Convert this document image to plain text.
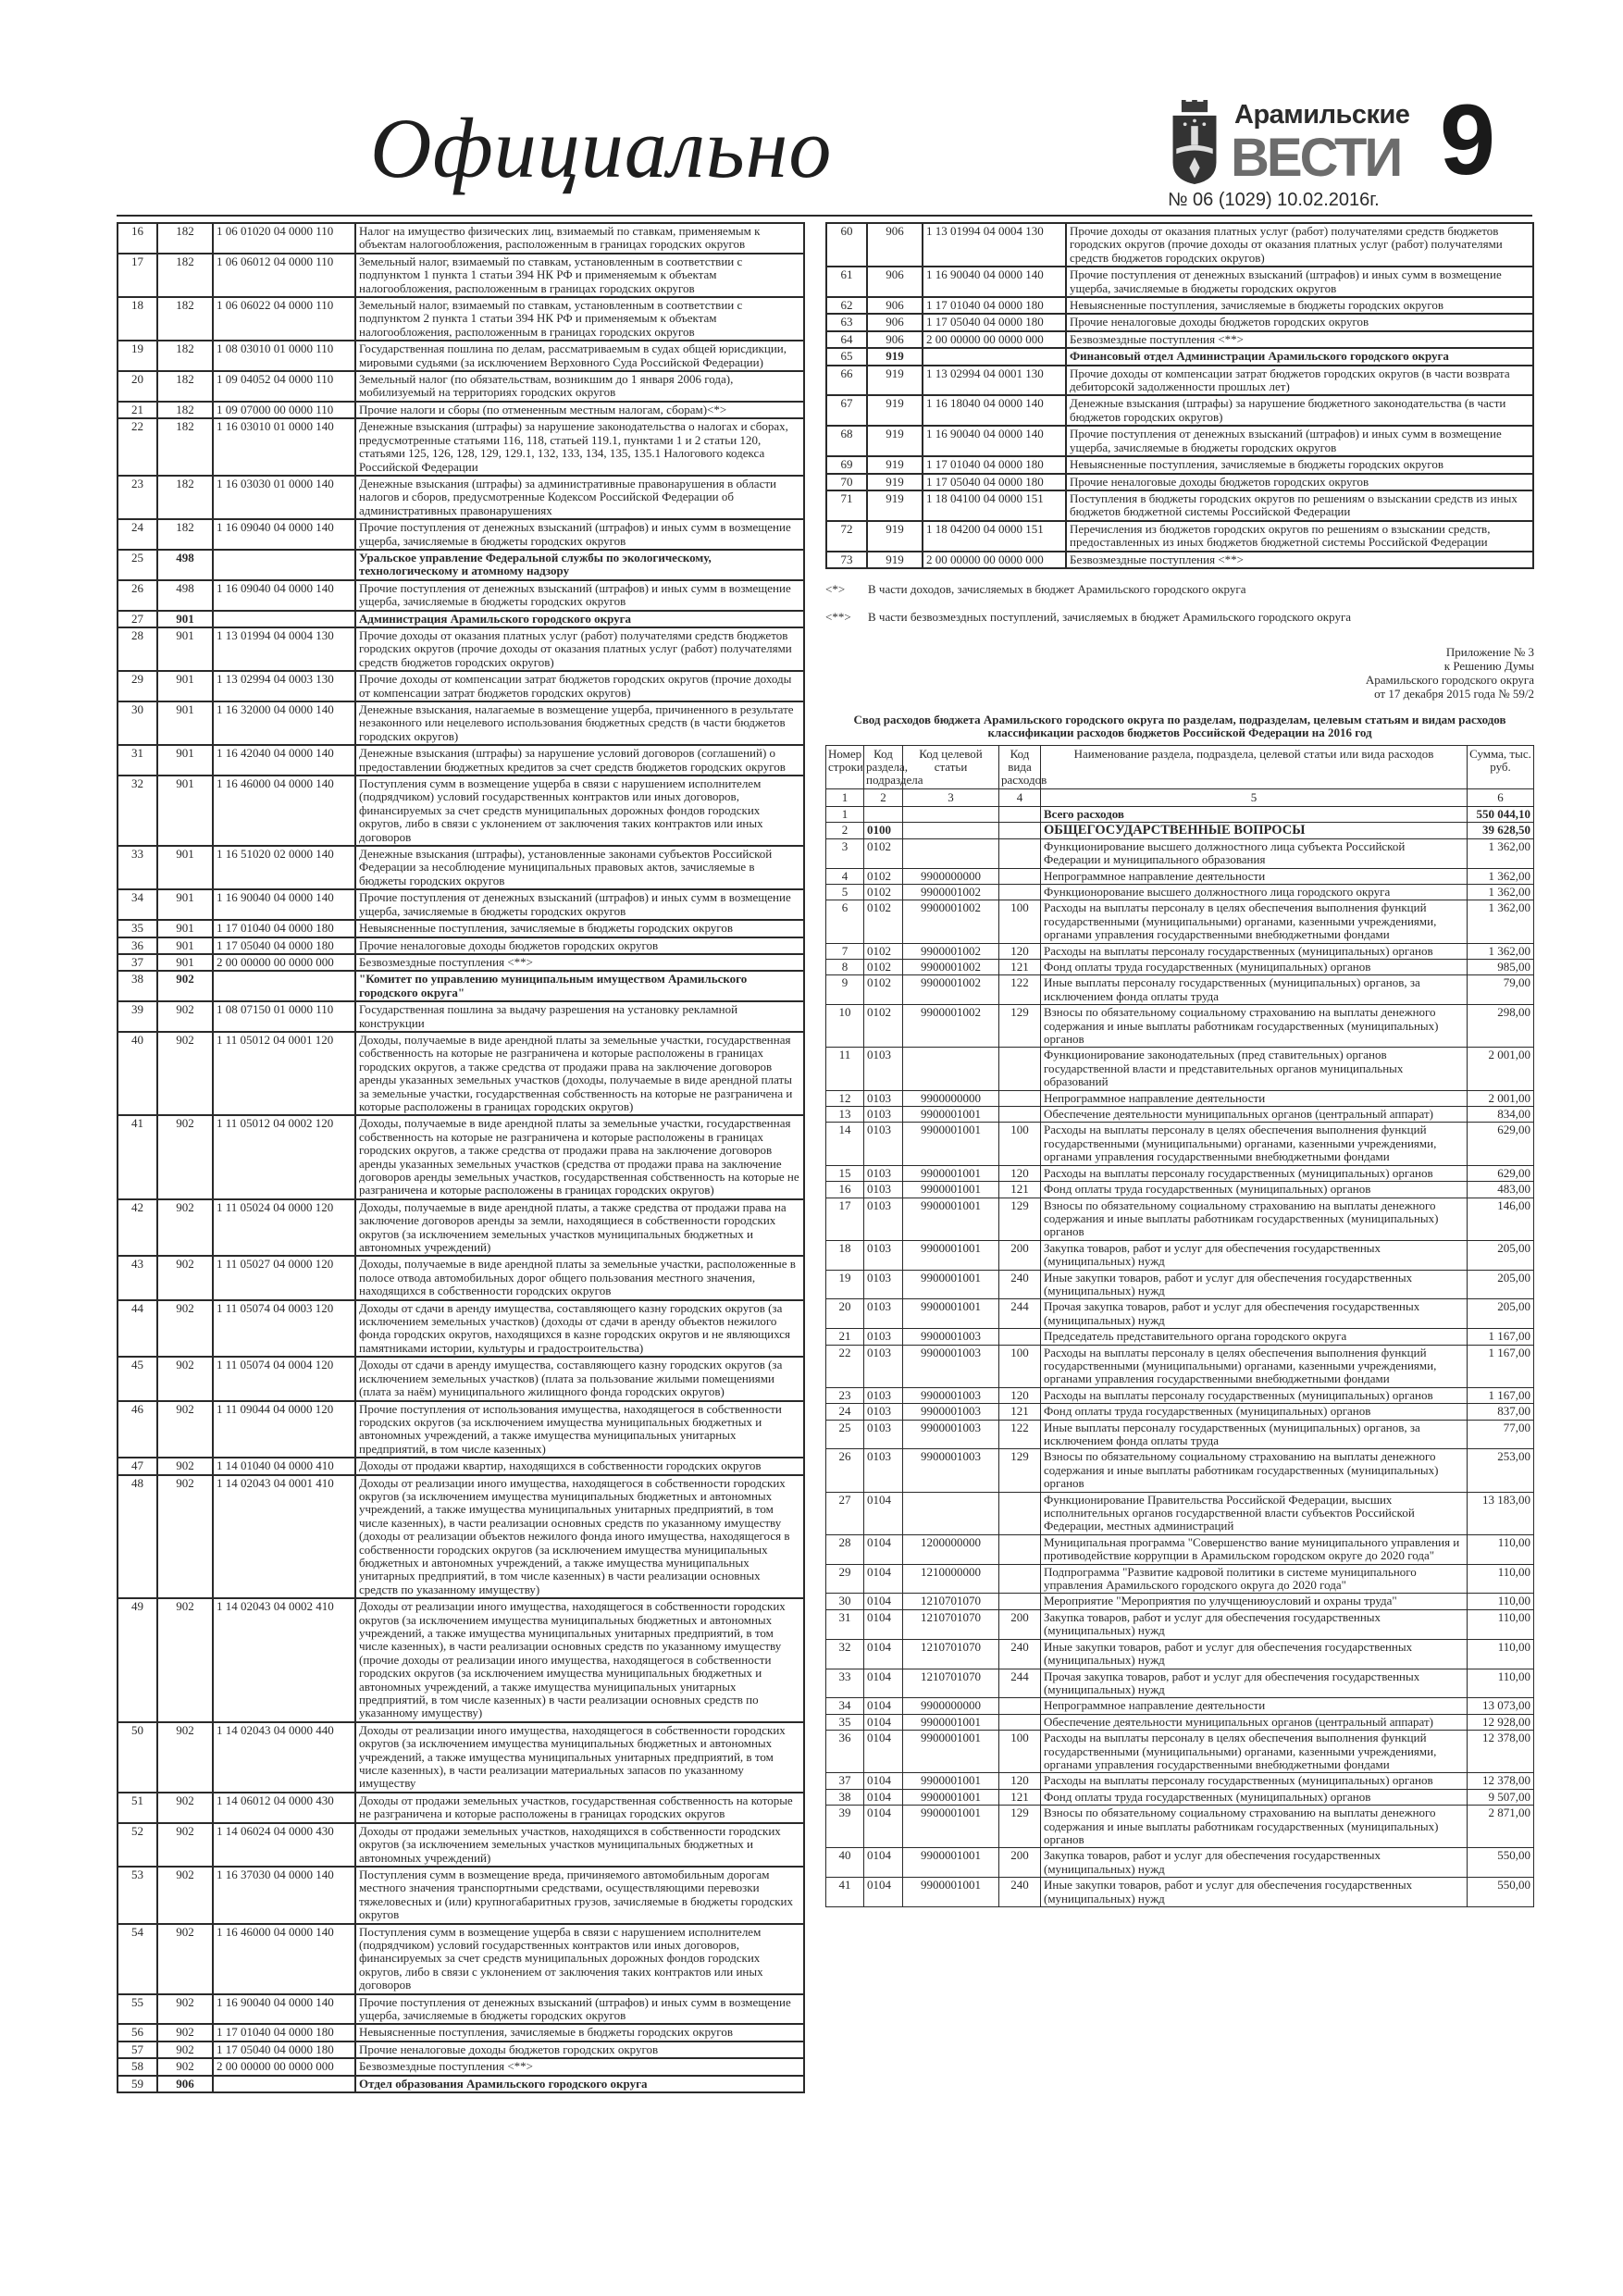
Официально	Арамильские
ВЕСТИ 9
№ 06 (1029) 10.02.2016г.
16	182	1 06 01020 04 0000 110	Налог на имущество физических лиц, взимаемый по ставкам, применяемым к объектам налогообложения, расположенным в границах городских округов
17	182	1 06 06012 04 0000 110	Земельный налог, взимаемый по ставкам, установленным в соответствии с подпунктом 1 пункта 1 статьи 394 НК РФ и применяемым к объектам налогообложения, расположенным в границах городских округов
18	182	1 06 06022 04 0000 110	Земельный налог, взимаемый по ставкам, установленным в соответствии с подпунктом 2 пункта 1 статьи 394 НК РФ и применяемым к объектам налогообложения, расположенным в границах городских округов
19	182	1 08 03010 01 0000 110	Государственная пошлина по делам, рассматриваемым в судах общей юрисдикции, мировыми судьями (за исключением Верховного Суда Российской Федерации)
20	182	1 09 04052 04 0000 110	Земельный налог (по обязательствам, возникшим до 1 января 2006 года), мобилизуемый на территориях городских округов
21	182	1 09 07000 00 0000 110	Прочие налоги и сборы (по отмененным местным налогам, сборам)<*>
22	182	1 16 03010 01 0000 140	Денежные взыскания (штрафы) за нарушение законодательства о налогах и сборах, предусмотренные статьями 116, 118, статьей 119.1, пунктами 1 и 2 статьи 120, статьями 125, 126, 128, 129, 129.1, 132, 133, 134, 135, 135.1 Налогового кодекса Российской Федерации
23	182	1 16 03030 01 0000 140	Денежные взыскания (штрафы) за административные правонарушения в области налогов и сборов, предусмотренные Кодексом Российской Федерации об административных правонарушениях
24	182	1 16 09040 04 0000 140	Прочие поступления от денежных взысканий (штрафов) и иных сумм в возмещение ущерба, зачисляемые в бюджеты городских округов
25	498		Уральское управление Федеральной службы по экологическому, технологическому и атомному надзору
26	498	1 16 09040 04 0000 140	Прочие поступления от денежных взысканий (штрафов) и иных сумм в возмещение ущерба, зачисляемые в бюджеты городских округов
27	901		Администрация Арамильского городского округа
28	901	1 13 01994 04 0004 130	Прочие доходы от оказания платных услуг (работ) получателями средств бюджетов городских округов (прочие доходы от оказания платных услуг (работ) получателями средств бюджетов городских округов)
29	901	1 13 02994 04 0003 130	Прочие доходы от компенсации затрат бюджетов городских округов (прочие доходы от компенсации затрат бюджетов городских округов)
30	901	1 16 32000 04 0000 140	Денежные взыскания, налагаемые в возмещение ущерба, причиненного в результате незаконного или нецелевого использования бюджетных средств (в части бюджетов городских округов)
31	901	1 16 42040 04 0000 140	Денежные взыскания (штрафы) за нарушение условий договоров (соглашений) о предоставлении бюджетных кредитов за счет средств бюджетов городских округов
32	901	1 16 46000 04 0000 140	Поступления сумм в возмещение ущерба в связи с нарушением исполнителем (подрядчиком) условий государственных контрактов или иных договоров, финансируемых за счет средств муниципальных дорожных фондов городских округов, либо в связи с уклонением от заключения таких контрактов или иных договоров
33	901	1 16 51020 02 0000 140	Денежные взыскания (штрафы), установленные законами субъектов Российской Федерации за несоблюдение муниципальных правовых актов, зачисляемые в бюджеты городских округов
34	901	1 16 90040 04 0000 140	Прочие поступления от денежных взысканий (штрафов) и иных сумм в возмещение ущерба, зачисляемые в бюджеты городских округов
35	901	1 17 01040 04 0000 180	Невыясненные поступления, зачисляемые в бюджеты городских округов
36	901	1 17 05040 04 0000 180	Прочие неналоговые доходы бюджетов городских округов
37	901	2 00 00000 00 0000 000	Безвозмездные поступления <**>
38	902		"Комитет по управлению муниципальным имуществом Арамильского городского округа"
39	902	1 08 07150 01 0000 110	Государственная пошлина за выдачу разрешения на установку рекламной конструкции
40	902	1 11 05012 04 0001 120	Доходы, получаемые в виде арендной платы за земельные участки, государственная собственность на которые не разграничена и которые расположены в границах городских округов, а также средства от продажи права на заключение договоров аренды указанных земельных участков (доходы, получаемые в виде арендной платы за земельные участки, государственная собственность на которые не разграничена и которые расположены в границах городских округов)
41	902	1 11 05012 04 0002 120	Доходы, получаемые в виде арендной платы за земельные участки, государственная собственность на которые не разграничена и которые расположены в границах городских округов, а также средства от продажи права на заключение договоров аренды указанных земельных участков (средства от продажи права на заключение договоров аренды земельных участков, государственная собственность на которые не разграничена и которые расположены в границах городских округов)
42	902	1 11 05024 04 0000 120	Доходы, получаемые в виде арендной платы, а также средства от продажи права на заключение договоров аренды за земли, находящиеся в собственности городских округов (за исключением земельных участков муниципальных бюджетных и автономных учреждений)
43	902	1 11 05027 04 0000 120	Доходы, получаемые в виде арендной платы за земельные участки, расположенные в полосе отвода автомобильных дорог общего пользования местного значения, находящихся в собственности городских округов
44	902	1 11 05074 04 0003 120	Доходы от сдачи в аренду имущества, составляющего казну городских округов (за исключением земельных участков) (доходы от сдачи в аренду объектов нежилого фонда городских округов, находящихся в казне городских округов и не являющихся памятниками истории, культуры и градостроительства)
45	902	1 11 05074 04 0004 120	Доходы от сдачи в аренду имущества, составляющего казну городских округов (за исключением земельных участков) (плата за пользование жилыми помещениями (плата за наём) муниципального жилищного фонда городских округов)
46	902	1 11 09044 04 0000 120	Прочие поступления от использования имущества, находящегося в собственности городских округов (за исключением имущества муниципальных бюджетных и автономных учреждений, а также имущества муниципальных унитарных предприятий, в том числе казенных)
47	902	1 14 01040 04 0000 410	Доходы от продажи квартир, находящихся в собственности городских округов
48	902	1 14 02043 04 0001 410	Доходы от реализации иного имущества, находящегося в собственности городских округов (за исключением имущества муниципальных бюджетных и автономных учреждений, а также имущества муниципальных унитарных предприятий, в том числе казенных), в части реализации основных средств по указанному имуществу (доходы от реализации объектов нежилого фонда иного имущества, находящегося в собственности городских округов (за исключением имущества муниципальных бюджетных и автономных учреждений, а также имущества муниципальных унитарных предприятий, в том числе казенных) в части реализации основных средств по указанному имуществу)
49	902	1 14 02043 04 0002 410	Доходы от реализации иного имущества, находящегося в собственности городских округов (за исключением имущества муниципальных бюджетных и автономных учреждений, а также имущества муниципальных унитарных предприятий, в том числе казенных), в части реализации основных средств по указанному имуществу (прочие доходы от реализации иного имущества, находящегося в собственности городских округов (за исключением имущества муниципальных бюджетных и автономных учреждений, а также имущества муниципальных унитарных предприятий, в том числе казенных) в части реализации основных средств по указанному имуществу)
50	902	1 14 02043 04 0000 440	Доходы от реализации иного имущества, находящегося в собственности городских округов (за исключением имущества муниципальных бюджетных и автономных учреждений, а также имущества муниципальных унитарных предприятий, в том числе казенных), в части реализации материальных запасов по указанному имуществу
51	902	1 14 06012 04 0000 430	Доходы от продажи земельных участков, государственная собственность на которые не разграничена и которые расположены в границах городских округов
52	902	1 14 06024 04 0000 430	Доходы от продажи земельных участков, находящихся в собственности городских округов (за исключением земельных участков муниципальных бюджетных и автономных учреждений)
53	902	1 16 37030 04 0000 140	Поступления сумм в возмещение вреда, причиняемого автомобильным дорогам местного значения транспортными средствами, осуществляющими перевозки тяжеловесных и (или) крупногабаритных грузов, зачисляемые в бюджеты городских округов
54	902	1 16 46000 04 0000 140	Поступления сумм в возмещение ущерба в связи с нарушением исполнителем (подрядчиком) условий государственных контрактов или иных договоров, финансируемых за счет средств муниципальных дорожных фондов городских округов, либо в связи с уклонением от заключения таких контрактов или иных договоров
55	902	1 16 90040 04 0000 140	Прочие поступления от денежных взысканий (штрафов) и иных сумм в возмещение ущерба, зачисляемые в бюджеты городских округов
56	902	1 17 01040 04 0000 180	Невыясненные поступления, зачисляемые в бюджеты городских округов
57	902	1 17 05040 04 0000 180	Прочие неналоговые доходы бюджетов городских округов
58	902	2 00 00000 00 0000 000	Безвозмездные поступления <**>
59	906		Отдел образования Арамильского городского округа
60	906	1 13 01994 04 0004 130	Прочие доходы от оказания платных услуг (работ) получателями средств бюджетов городских округов (прочие доходы от оказания платных услуг (работ) получателями средств бюджетов городских округов)
61	906	1 16 90040 04 0000 140	Прочие поступления от денежных взысканий (штрафов) и иных сумм в возмещение ущерба, зачисляемые в бюджеты городских округов
62	906	1 17 01040 04 0000 180	Невыясненные поступления, зачисляемые в бюджеты городских округов
63	906	1 17 05040 04 0000 180	Прочие неналоговые доходы бюджетов городских округов
64	906	2 00 00000 00 0000 000	Безвозмездные поступления <**>
65	919		Финансовый отдел Администрации Арамильского городского округа
66	919	1 13 02994 04 0001 130	Прочие доходы от компенсации затрат бюджетов городских округов (в части возврата дебиторсокй задолженности прошлых лет)
67	919	1 16 18040 04 0000 140	Денежные взыскания (штрафы) за нарушение бюджетного законодательства (в части бюджетов городских округов)
68	919	1 16 90040 04 0000 140	Прочие поступления от денежных взысканий (штрафов) и иных сумм в возмещение ущерба, зачисляемые в бюджеты городских округов
69	919	1 17 01040 04 0000 180	Невыясненные поступления, зачисляемые в бюджеты городских округов
70	919	1 17 05040 04 0000 180	Прочие неналоговые доходы бюджетов городских округов
71	919	1 18 04100 04 0000 151	Поступления в бюджеты городских округов по решениям о взыскании средств из иных бюджетов бюджетной системы Российской Федерации
72	919	1 18 04200 04 0000 151	Перечисления из бюджетов городских округов по решениям о взыскании средств, предоставленных из иных бюджетов бюджетной системы Российской Федерации
73	919	2 00 00000 00 0000 000	Безвозмездные поступления <**>
<*> В части доходов, зачисляемых в бюджет Арамильского городского округа
<**> В части безвозмездных поступлений, зачисляемых в бюджет Арамильского городского округа
Приложение № 3
к Решению Думы
Арамильского городского округа
от 17 декабря 2015 года № 59/2
Свод расходов бюджета Арамильского городского округа по разделам, подразделам, целевым статьям и видам расходов классификации расходов бюджетов Российской Федерации на 2016 год
Номер строки	Код раздела, подраздела	Код целевой статьи	Код вида расходов	Наименование раздела, подраздела, целевой статьи или вида расходов	Сумма, тыс. руб.
1	2	3	4	5	6
1				Всего расходов	550 044,10
2	0100			ОБЩЕГОСУДАРСТВЕННЫЕ ВОПРОСЫ	39 628,50
3	0102			Функционирование высшего должностного лица субъекта Российской Федерации и муниципального образования	1 362,00
4	0102	9900000000		Непрограммное направление деятельности	1 362,00
5	0102	9900001002		Функционорование высшего должностного лица городского округа	1 362,00
6	0102	9900001002	100	Расходы на выплаты персоналу в целях обеспечения выполнения функций государственными (муниципальными) органами, казенными учреждениями, органами управления государственными внебюджетными фондами	1 362,00
7	0102	9900001002	120	Расходы на выплаты персоналу государственных (муниципальных) органов	1 362,00
8	0102	9900001002	121	Фонд оплаты труда государственных (муниципальных) органов	985,00
9	0102	9900001002	122	Иные выплаты персоналу государственных (муниципальных) органов, за исключением фонда оплаты труда	79,00
10	0102	9900001002	129	Взносы по обязательному социальному страхованию на выплаты денежного содержания и иные выплаты работникам государственных (муниципальных) органов	298,00
11	0103			Функционирование законодательных (пред ставительных) органов государственной власти и представительных органов муниципальных образований	2 001,00
12	0103	9900000000		Непрограммное направление деятельности	2 001,00
13	0103	9900001001		Обеспечение деятельности муниципальных органов (центральный аппарат)	834,00
14	0103	9900001001	100	Расходы на выплаты персоналу в целях обеспечения выполнения функций государственными (муниципальными) органами, казенными учреждениями, органами управления государственными внебюджетными фондами	629,00
15	0103	9900001001	120	Расходы на выплаты персоналу государственных (муниципальных) органов	629,00
16	0103	9900001001	121	Фонд оплаты труда государственных (муниципальных) органов	483,00
17	0103	9900001001	129	Взносы по обязательному социальному страхованию на выплаты денежного содержания и иные выплаты работникам государственных (муниципальных) органов	146,00
18	0103	9900001001	200	Закупка товаров, работ и услуг для обеспечения государственных (муниципальных) нужд	205,00
19	0103	9900001001	240	Иные закупки товаров, работ и услуг для обеспечения государственных (муниципальных) нужд	205,00
20	0103	9900001001	244	Прочая закупка товаров, работ и услуг для обеспечения государственных (муниципальных) нужд	205,00
21	0103	9900001003		Председатель представительного органа городского округа	1 167,00
22	0103	9900001003	100	Расходы на выплаты персоналу в целях обеспечения выполнения функций государственными (муниципальными) органами, казенными учреждениями, органами управления государственными внебюджетными фондами	1 167,00
23	0103	9900001003	120	Расходы на выплаты персоналу государственных (муниципальных) органов	1 167,00
24	0103	9900001003	121	Фонд оплаты труда государственных (муниципальных) органов	837,00
25	0103	9900001003	122	Иные выплаты персоналу государственных (муниципальных) органов, за исключением фонда оплаты труда	77,00
26	0103	9900001003	129	Взносы по обязательному социальному страхованию на выплаты денежного содержания и иные выплаты работникам государственных (муниципальных) органов	253,00
27	0104			Функционирование Правительства Российской Федерации, высших исполнительных органов государственной власти субъектов Российской Федерации, местных администраций	13 183,00
28	0104	1200000000		Муниципальная программа "Совершенство вание муниципального управления и противодействие коррупции в Арамильском городском округе до 2020 года"	110,00
29	0104	1210000000		Подпрограмма "Развитие кадровой политики в системе муниципального управления Арамильского городского округа до 2020 года"	110,00
30	0104	1210701070		Мероприятие "Мероприятия по улучщениюусловий и охраны труда"	110,00
31	0104	1210701070	200	Закупка товаров, работ и услуг для обеспечения государственных (муниципальных) нужд	110,00
32	0104	1210701070	240	Иные закупки товаров, работ и услуг для обеспечения государственных (муниципальных) нужд	110,00
33	0104	1210701070	244	Прочая закупка товаров, работ и услуг для обеспечения государственных (муниципальных) нужд	110,00
34	0104	9900000000		Непрограммное направление деятельности	13 073,00
35	0104	9900001001		Обеспечение деятельности муниципальных органов (центральный аппарат)	12 928,00
36	0104	9900001001	100	Расходы на выплаты персоналу в целях обеспечения выполнения функций государственными (муниципальными) органами, казенными учреждениями, органами управления государственными внебюджетными фондами	12 378,00
37	0104	9900001001	120	Расходы на выплаты персоналу государственных (муниципальных) органов	12 378,00
38	0104	9900001001	121	Фонд оплаты труда государственных (муниципальных) органов	9 507,00
39	0104	9900001001	129	Взносы по обязательному социальному страхованию на выплаты денежного содержания и иные выплаты работникам государственных (муниципальных) органов	2 871,00
40	0104	9900001001	200	Закупка товаров, работ и услуг для обеспечения государственных (муниципальных) нужд	550,00
41	0104	9900001001	240	Иные закупки товаров, работ и услуг для обеспечения государственных (муниципальных) нужд	550,00
